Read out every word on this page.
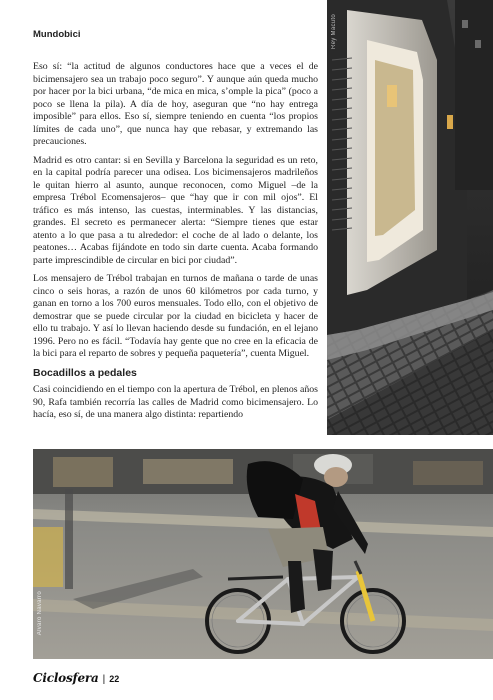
Mundobici

Eso sí: “la actitud de algunos conductores hace que a veces el de bicimensajero sea un trabajo poco seguro”. Y aunque aún queda mucho por hacer por la bici urbana, “de mica en mica, s’omple la pica” (poco a poco se llena la pila). A día de hoy, aseguran que “no hay entrega imposible” para ellos. Eso sí, siempre teniendo en cuenta “los propios límites de cada uno”, que nunca hay que rebasar, y extremando las precauciones.

Madrid es otro cantar: si en Sevilla y Barcelona la seguridad es un reto, en la capital podría parecer una odisea. Los bicimensajeros madrileños le quitan hierro al asunto, aunque reconocen, como Miguel –de la empresa Trébol Ecomensajeros– que “hay que ir con mil ojos”. El tráfico es más intenso, las cuestas, interminables. Y las distancias, grandes. El secreto es permanecer alerta: “Siempre tienes que estar atento a lo que pasa a tu alrededor: el coche de al lado o delante, los peatones… Acabas fijándote en todo sin darte cuenta. Acaba formando parte imprescindible de circular en bici por ciudad”.

Los mensajero de Trébol trabajan en turnos de mañana o tarde de unas cinco o seis horas, a razón de unos 60 kilómetros por cada turno, y ganan en torno a los 700 euros mensuales. Todo ello, con el objetivo de demostrar que se puede circular por la ciudad en bicicleta y hacer de ello tu trabajo. Y así lo llevan haciendo desde su fundación, en el lejano 1996. Pero no es fácil. “Todavía hay gente que no cree en la eficacia de la bici para el reparto de sobres y pequeña paquetería”, cuenta Miguel.

Bocadillos a pedales

Casi coincidiendo en el tiempo con la apertura de Trébol, en plenos años 90, Rafa también recorría las calles de Madrid como bicimensajero. Lo hacía, eso sí, de una manera algo distinta: repartiendo

Rey Macuto
Alvaro Navarro
Ciclosfera | 22
